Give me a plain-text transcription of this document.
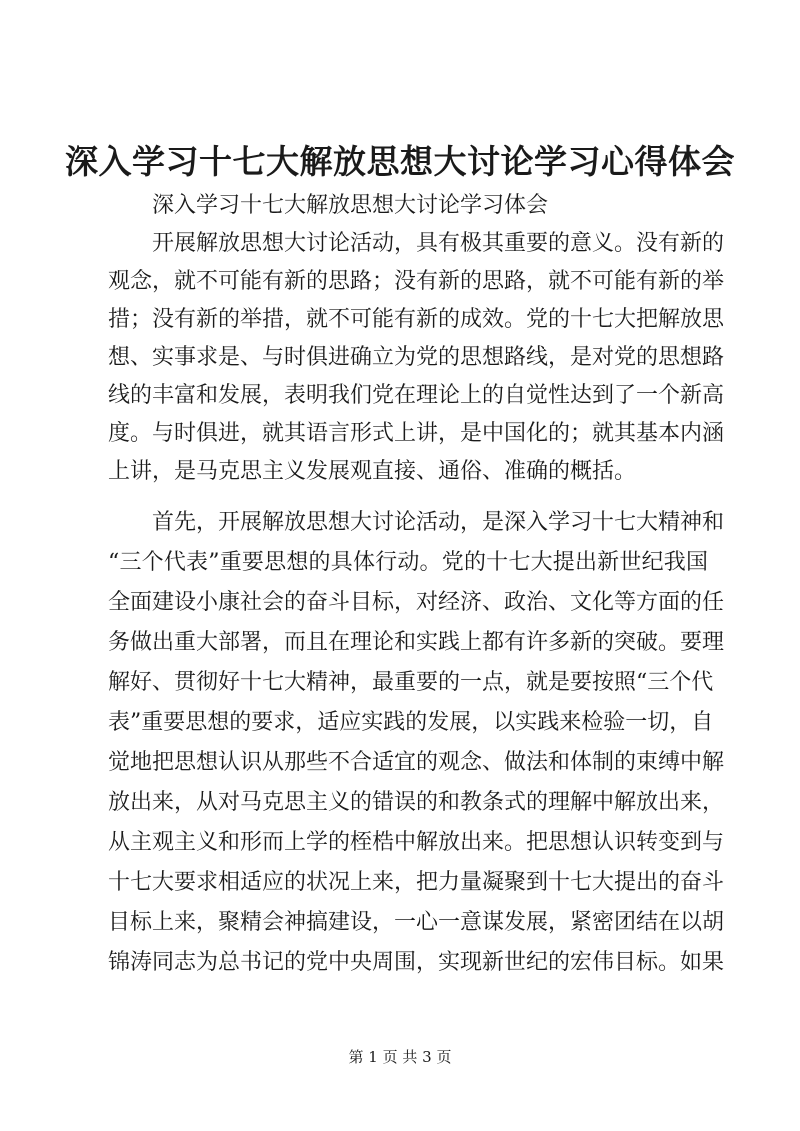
深入学习十七大解放思想大讨论学习心得体会
深入学习十七大解放思想大讨论学习体会
开展解放思想大讨论活动，具有极其重要的意义。没有新的
观念，就不可能有新的思路；没有新的思路，就不可能有新的举
措；没有新的举措，就不可能有新的成效。党的十七大把解放思
想、实事求是、与时俱进确立为党的思想路线，是对党的思想路
线的丰富和发展，表明我们党在理论上的自觉性达到了一个新高
度。与时俱进，就其语言形式上讲，是中国化的；就其基本内涵
上讲，是马克思主义发展观直接、通俗、准确的概括。
首先，开展解放思想大讨论活动，是深入学习十七大精神和
“三个代表”重要思想的具体行动。党的十七大提出新世纪我国
全面建设小康社会的奋斗目标，对经济、政治、文化等方面的任
务做出重大部署，而且在理论和实践上都有许多新的突破。要理
解好、贯彻好十七大精神，最重要的一点，就是要按照“三个代
表”重要思想的要求，适应实践的发展，以实践来检验一切，自
觉地把思想认识从那些不合适宜的观念、做法和体制的束缚中解
放出来，从对马克思主义的错误的和教条式的理解中解放出来，
从主观主义和形而上学的桎梏中解放出来。把思想认识转变到与
十七大要求相适应的状况上来，把力量凝聚到十七大提出的奋斗
目标上来，聚精会神搞建设，一心一意谋发展，紧密团结在以胡
锦涛同志为总书记的党中央周围，实现新世纪的宏伟目标。如果
第 1 页 共 3 页
